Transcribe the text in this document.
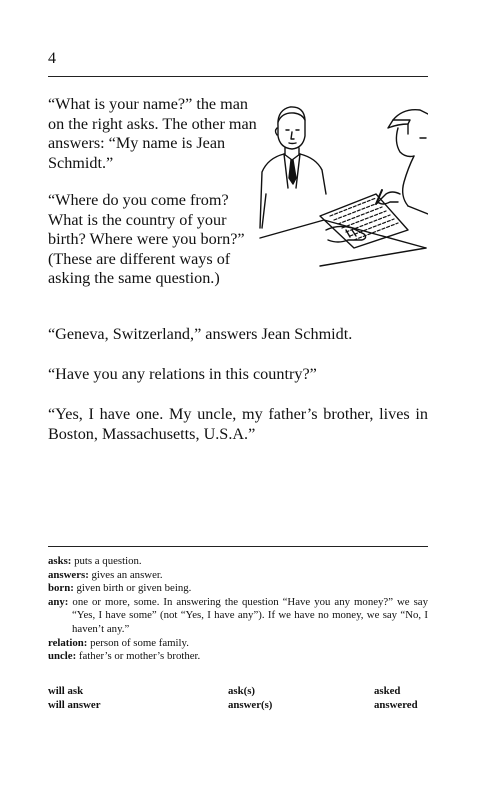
4

“What is your name?” the man on the right asks. The other man answers: “My name is Jean Schmidt.”

“Where do you come from? What is the country of your birth? Where were you born?” (These are different ways of asking the same question.)

“Geneva, Switzerland,” answers Jean Schmidt.

“Have you any relations in this country?”

“Yes, I have one. My uncle, my father’s brother, lives in Boston, Massachusetts, U.S.A.”

asks: puts a question.

answers: gives an answer.

born: given birth or given being.

any: one or more, some. In answering the question “Have you any money?” we say “Yes, I have some” (not “Yes, I have any”). If we have no money, we say “No, I haven’t any.”

relation: person of some family.

uncle: father’s or mother’s brother.

will ask	ask(s)	asked
will answer	answer(s)	answered
